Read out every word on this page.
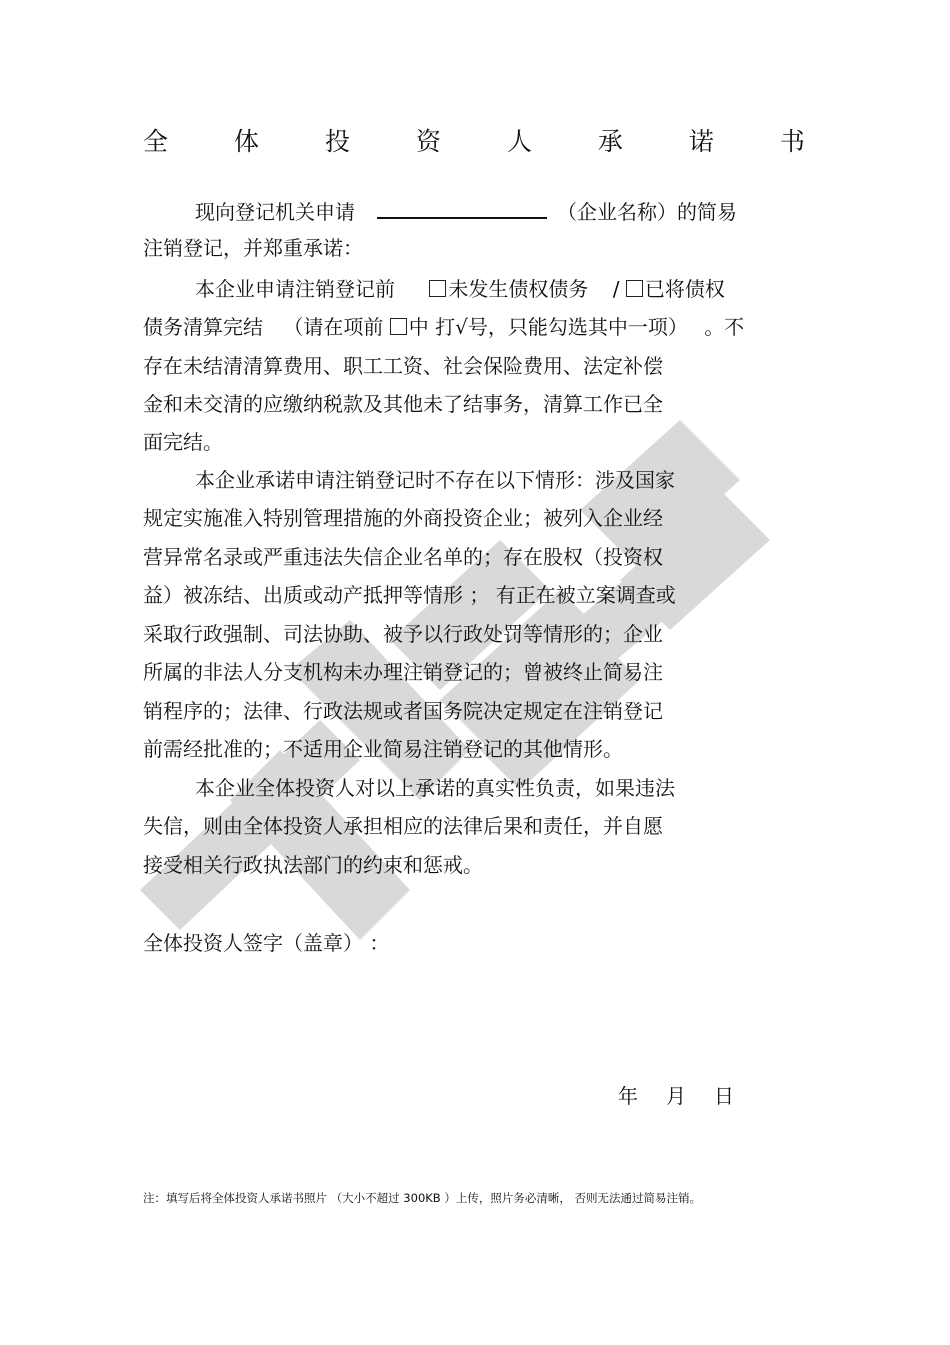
全	体	投	资	人	承	诺	书
现向登记机关申请	（企业名称）的简易
注销登记，并郑重承诺：
本企业申请注销登记前	未发生债权债务 / 已将债权
债务清算完结 （请在项前 中 打√号，只能勾选其中一项） 。不
存在未结清清算费用、职工工资、社会保险费用、法定补偿
金和未交清的应缴纳税款及其他未了结事务，清算工作已全
面完结。
本企业承诺申请注销登记时不存在以下情形：涉及国家
规定实施准入特别管理措施的外商投资企业；被列入企业经
营异常名录或严重违法失信企业名单的；存在股权（投资权
益）被冻结、出质或动产抵押等情形 ； 有正在被立案调查或
采取行政强制、司法协助、被予以行政处罚等情形的；企业
所属的非法人分支机构未办理注销登记的；曾被终止简易注
销程序的；法律、行政法规或者国务院决定规定在注销登记
前需经批准的；不适用企业简易注销登记的其他情形。
本企业全体投资人对以上承诺的真实性负责，如果违法
失信，则由全体投资人承担相应的法律后果和责任，并自愿
接受相关行政执法部门的约束和惩戒。
全体投资人签字（盖章） ：
年 月 日
注：填写后将全体投资人承诺书照片 （大小不超过 300KB ）上传，照片务必清晰， 否则无法通过简易注销。
